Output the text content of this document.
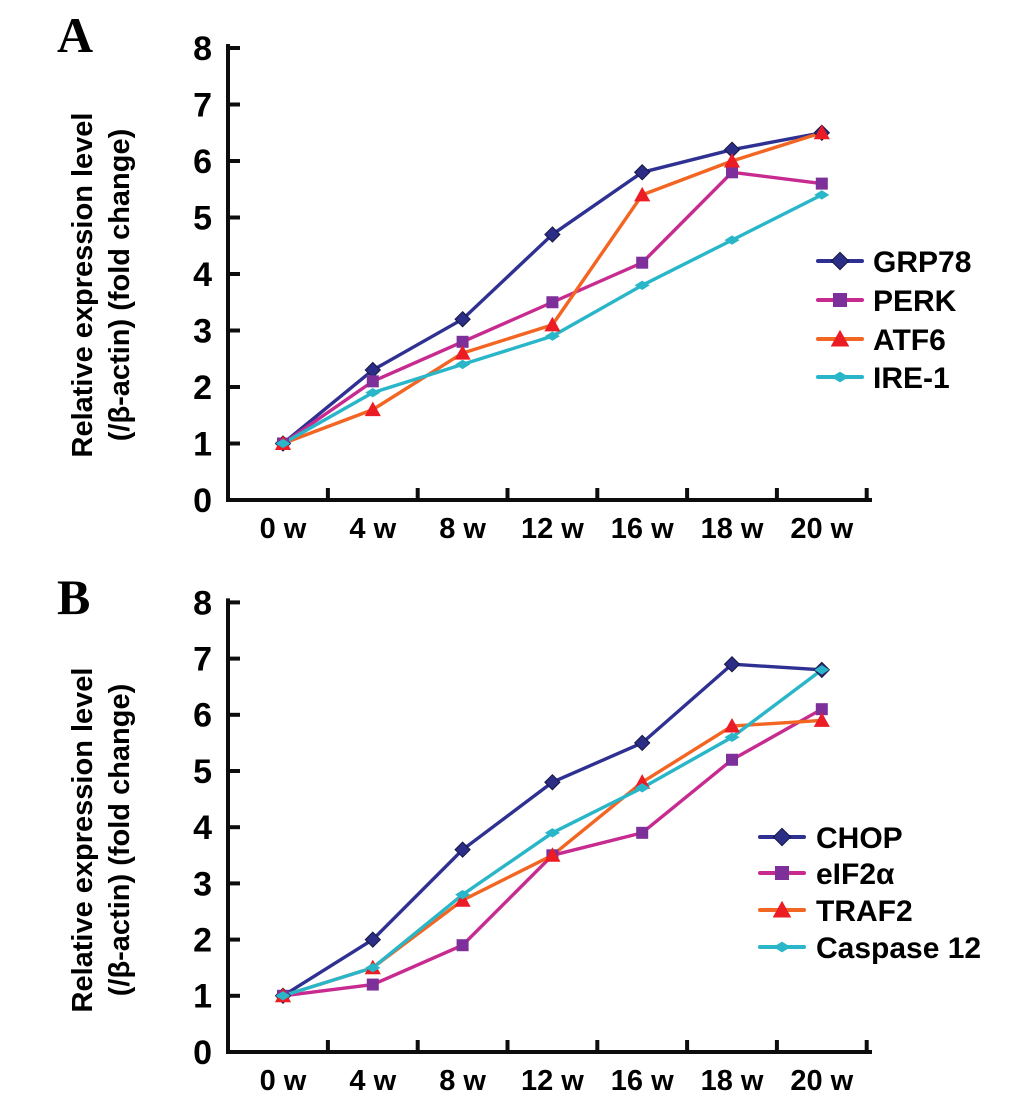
A
Relative expression level (/β-actin) (fold change)
0
1
2
3
4
5
6
7
8
0 w 4 w 8 w 12 w 16 w 18 w 20 w
GRP78
PERK
ATF6
IRE-1
B
Relative expression level (/β-actin) (fold change)
0
1
2
3
4
5
6
7
8
0 w 4 w 8 w 12 w 16 w 18 w 20 w
CHOP
eIF2α
TRAF2
Caspase 12
